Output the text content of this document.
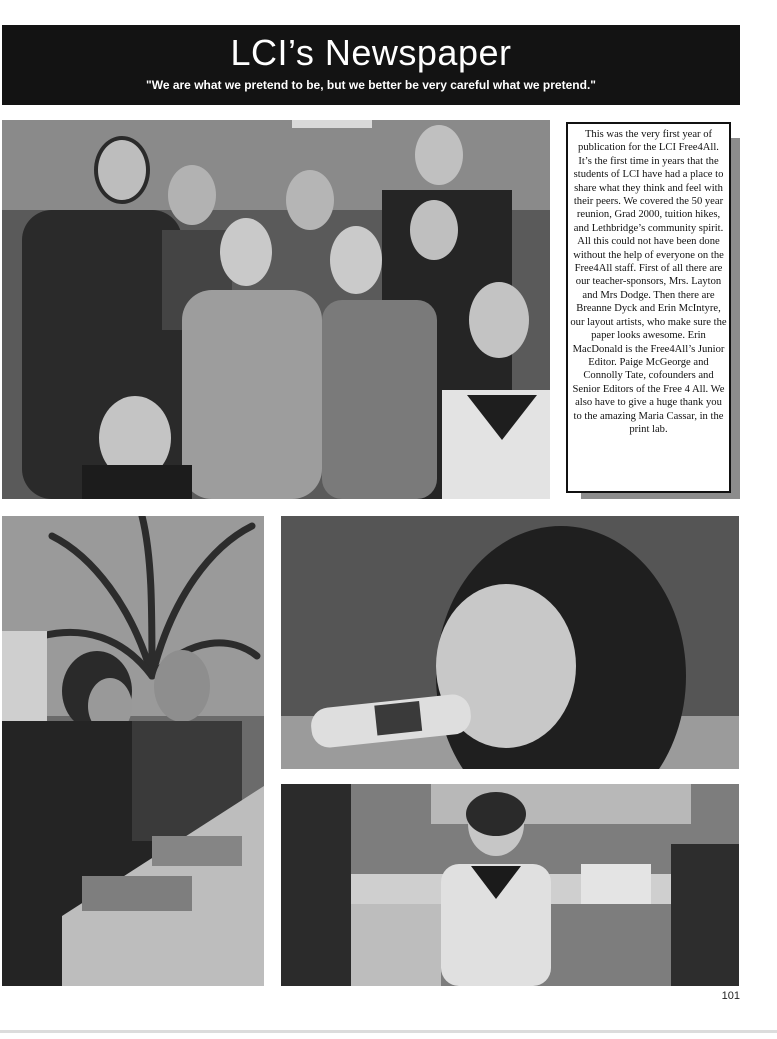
LCI’s Newspaper
"We are what we pretend to be, but we better be very careful what we pretend."

This was the very first year of publication for the LCI Free4All. It’s the first time in years that the students of LCI have had a place to share what they think and feel with their peers. We covered the 50 year reunion, Grad 2000, tuition hikes, and Lethbridge’s community spirit.

All this could not have been done without the help of everyone on the Free4All staff. First of all there are our teacher-sponsors, Mrs. Layton and Mrs Dodge. Then there are Breanne Dyck and Erin McIntyre, our layout artists, who make sure the paper looks awesome. Erin MacDonald is the Free4All’s Junior Editor. Paige McGeorge and Connolly Tate, cofounders and Senior Editors of the Free 4 All. We also have to give a huge thank you to the amazing Maria Cassar, in the print lab.

101
